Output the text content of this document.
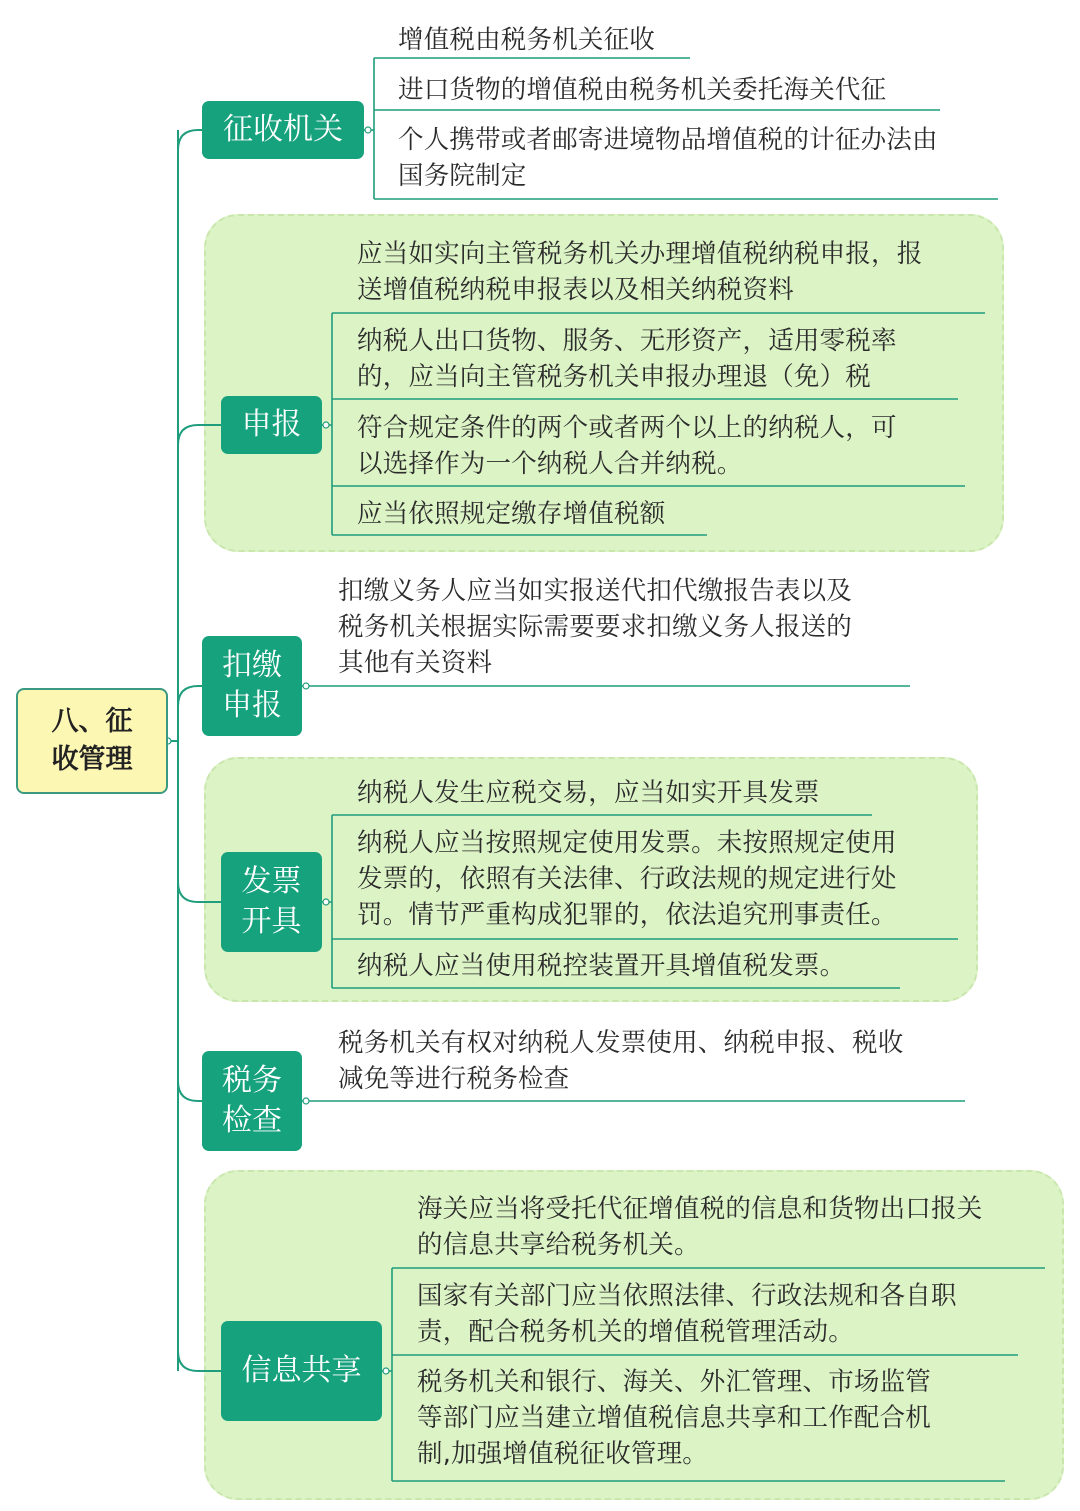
八、征
收管理
征收机关
申报
扣缴
申报
发票
开具
税务
检查
信息共享

增值税由税务机关征收

进口货物的增值税由税务机关委托海关代征

个人携带或者邮寄进境物品增值税的计征办法由
国务院制定

应当如实向主管税务机关办理增值税纳税申报，报
送增值税纳税申报表以及相关纳税资料

纳税人出口货物、服务、无形资产，适用零税率
的，应当向主管税务机关申报办理退（免）税

符合规定条件的两个或者两个以上的纳税人，可
以选择作为一个纳税人合并纳税。

应当依照规定缴存增值税额

扣缴义务人应当如实报送代扣代缴报告表以及
税务机关根据实际需要要求扣缴义务人报送的
其他有关资料

纳税人发生应税交易，应当如实开具发票

纳税人应当按照规定使用发票。未按照规定使用
发票的，依照有关法律、行政法规的规定进行处
罚。情节严重构成犯罪的，依法追究刑事责任。

纳税人应当使用税控装置开具增值税发票。

税务机关有权对纳税人发票使用、纳税申报、税收
减免等进行税务检查

海关应当将受托代征增值税的信息和货物出口报关
的信息共享给税务机关。

国家有关部门应当依照法律、行政法规和各自职
责，配合税务机关的增值税管理活动。

税务机关和银行、海关、外汇管理、市场监管
等部门应当建立增值税信息共享和工作配合机
制,加强增值税征收管理。
